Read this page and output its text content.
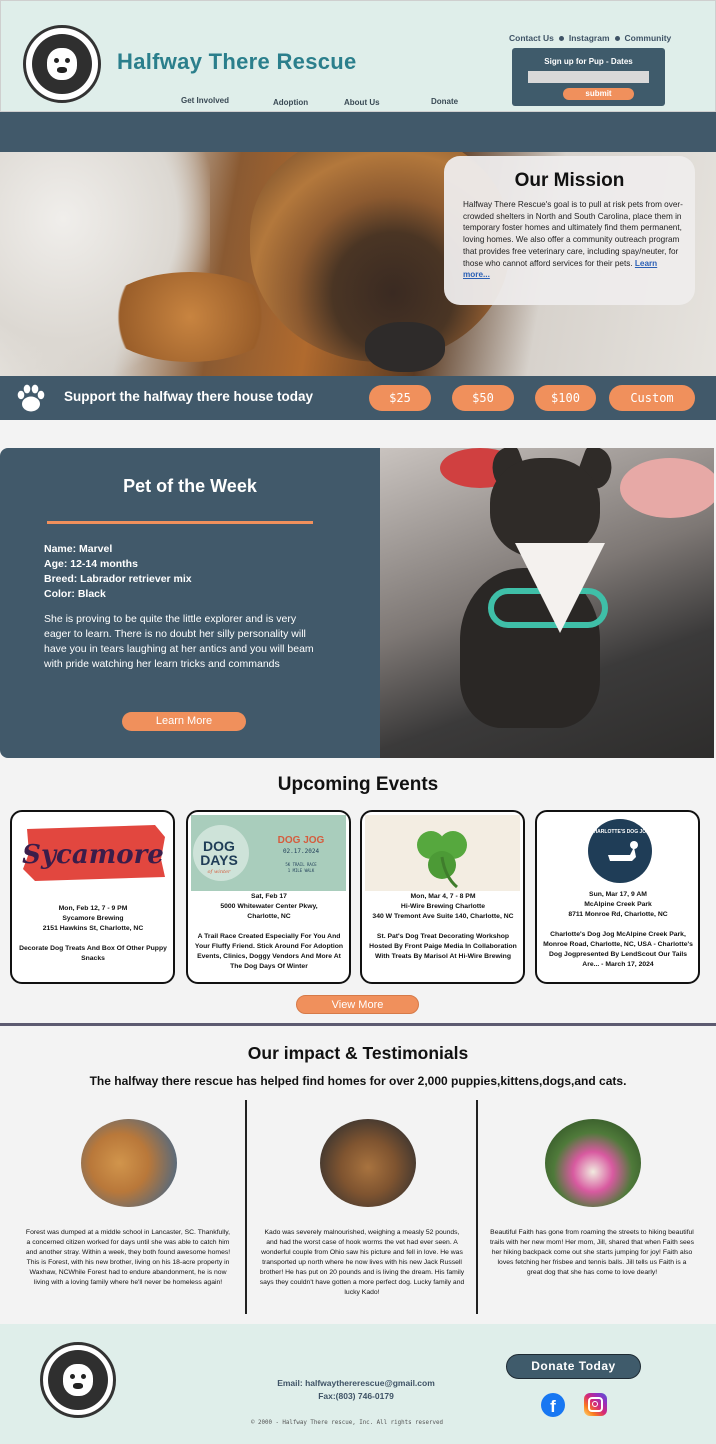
Halfway There Rescue
Get Involved	Adoption	About Us	Donate
Contact Us Instagram Community
Sign up for Pup - Dates
submit
Our Mission

Halfway There Rescue's goal is to pull at risk pets from over-crowded shelters in North and South Carolina, place them in temporary foster homes and ultimately find them permanent, loving homes. We also offer a community outreach program that provides free veterinary care, including spay/neuter, for those who cannot afford services for their pets. Learn more...

Support the halfway there house today	$25	$50	$100	Custom
Pet of the Week
Name: Marvel
Age: 12-14 months
Breed: Labrador retriever mix
Color: Black
She is proving to be quite the little explorer and is very eager to learn. There is no doubt her silly personality will have you in tears laughing at her antics and you will beam with pride watching her learn tricks and commands
Learn More
Upcoming Events
Sycamore
Mon, Feb 12, 7 - 9 PM
Sycamore Brewing
2151 Hawkins St, Charlotte, NC
Decorate Dog Treats And Box Of Other Puppy Snacks
DOG
DAYS
of winter
DOG JOG
02.17.2024
5K TRAIL RACE
1 MILE WALK
Sat, Feb 17
5000 Whitewater Center Pkwy,
Charlotte, NC
A Trail Race Created Especially For You And Your Fluffy Friend. Stick Around For Adoption Events, Clinics, Doggy Vendors And More At The Dog Days Of Winter
Mon, Mar 4, 7 - 8 PM
Hi-Wire Brewing Charlotte
340 W Tremont Ave Suite 140, Charlotte, NC
St. Pat's Dog Treat Decorating Workshop Hosted By Front Paige Media In Collaboration With Treats By Marisol At Hi-Wire Brewing
CHARLOTTE'S DOG JOG
Sun, Mar 17, 9 AM
McAlpine Creek Park
8711 Monroe Rd, Charlotte, NC
Charlotte's Dog Jog McAlpine Creek Park, Monroe Road, Charlotte, NC, USA - Charlotte's Dog Jogpresented By LendScout Our Tails Are... - March 17, 2024
View More
Our impact & Testimonials
The halfway there rescue has helped find homes for over 2,000 puppies,kittens,dogs,and cats.
Forest was dumped at a middle school in Lancaster, SC. Thankfully, a concerned citizen worked for days until she was able to catch him and another stray. Within a week, they both found awesome homes! This is Forest, with his new brother, living on his 18-acre property in Waxhaw, NCWhile Forest had to endure abandonment, he is now living with a loving family where he'll never be homeless again!
Kado was severely malnourished, weighing a measly 52 pounds, and had the worst case of hook worms the vet had ever seen. A wonderful couple from Ohio saw his picture and fell in love. He was transported up north where he now lives with his new Jack Russell brother! He has put on 20 pounds and is living the dream. His family says they couldn't have gotten a more perfect dog. Lucky family and lucky Kado!
Beautiful Faith has gone from roaming the streets to hiking beautiful trails with her new mom! Her mom, Jill, shared that when Faith sees her hiking backpack come out she starts jumping for joy! Faith also loves fetching her frisbee and tennis balls. Jill tells us Faith is a great dog that she has come to love dearly!
Email: halfwaythererescue@gmail.com
Fax:(803) 746-0179
Donate Today
f
© 2000 - Halfway There rescue, Inc. All rights reserved
